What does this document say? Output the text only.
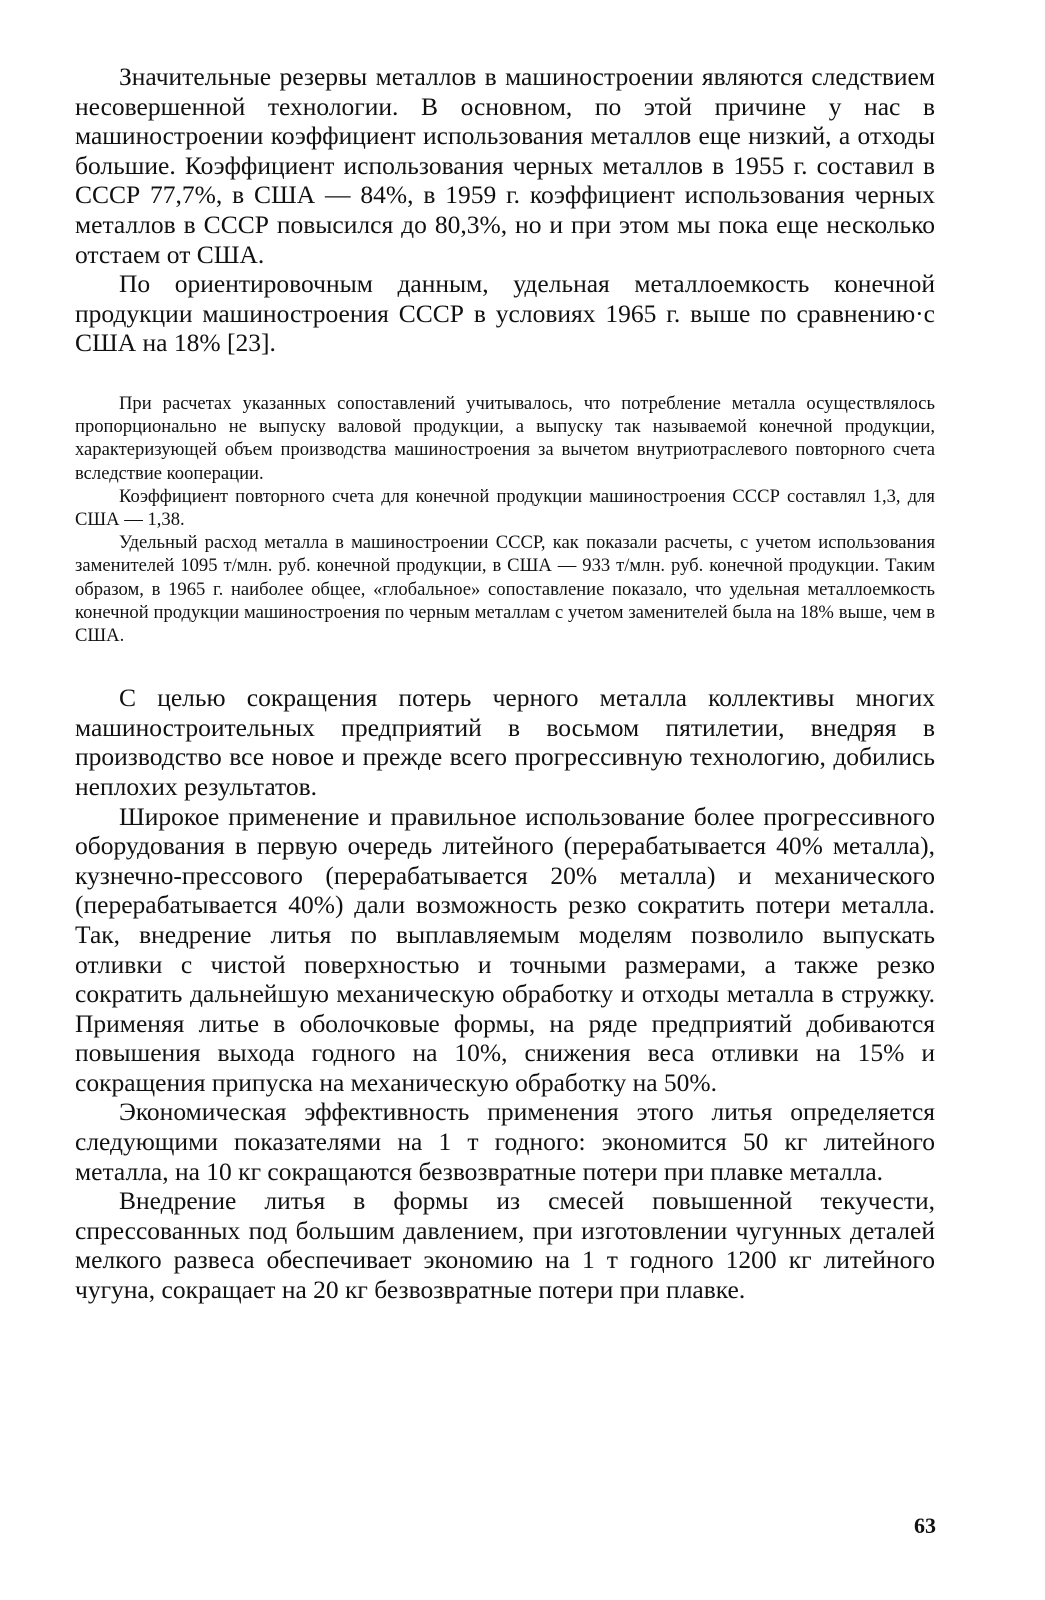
Значительные резервы металлов в машиностроении являются следствием несовершенной технологии. В основном, по этой причине у нас в машиностроении коэффициент использования металлов еще низкий, а отходы большие. Коэффициент использования черных металлов в 1955 г. составил в СССР 77,7%, в США — 84%, в 1959 г. коэффициент использования черных металлов в СССР повысился до 80,3%, но и при этом мы пока еще несколько отстаем от США.

По ориентировочным данным, удельная металлоемкость конечной продукции машиностроения СССР в условиях 1965 г. выше по сравнению·с США на 18% [23].

При расчетах указанных сопоставлений учитывалось, что потребление металла осуществлялось пропорционально не выпуску валовой продукции, а выпуску так называемой конечной продукции, характеризующей объем производства машиностроения за вычетом внутриотраслевого повторного счета вследствие кооперации.

Коэффициент повторного счета для конечной продукции машиностроения СССР составлял 1,3, для США — 1,38.

Удельный расход металла в машиностроении СССР, как показали расчеты, с учетом использования заменителей 1095 т/млн. руб. конечной продукции, в США — 933 т/млн. руб. конечной продукции. Таким образом, в 1965 г. наиболее общее, «глобальное» сопоставление показало, что удельная металлоемкость конечной продукции машиностроения по черным металлам с учетом заменителей была на 18% выше, чем в США.

С целью сокращения потерь черного металла коллективы многих машиностроительных предприятий в восьмом пятилетии, внедряя в производство все новое и прежде всего прогрессивную технологию, добились неплохих результатов.

Широкое применение и правильное использование более прогрессивного оборудования в первую очередь литейного (перерабатывается 40% металла), кузнечно-прессового (перерабатывается 20% металла) и механического (перерабатывается 40%) дали возможность резко сократить потери металла. Так, внедрение литья по выплавляемым моделям позволило выпускать отливки с чистой поверхностью и точными размерами, а также резко сократить дальнейшую механическую обработку и отходы металла в стружку. Применяя литье в оболочковые формы, на ряде предприятий добиваются повышения выхода годного на 10%, снижения веса отливки на 15% и сокращения припуска на механическую обработку на 50%.

Экономическая эффективность применения этого литья определяется следующими показателями на 1 т годного: экономится 50 кг литейного металла, на 10 кг сокращаются безвозвратные потери при плавке металла.

Внедрение литья в формы из смесей повышенной текучести, спрессованных под большим давлением, при изготовлении чугунных деталей мелкого развеса обеспечивает экономию на 1 т годного 1200 кг литейного чугуна, сокращает на 20 кг безвозвратные потери при плавке.

63
